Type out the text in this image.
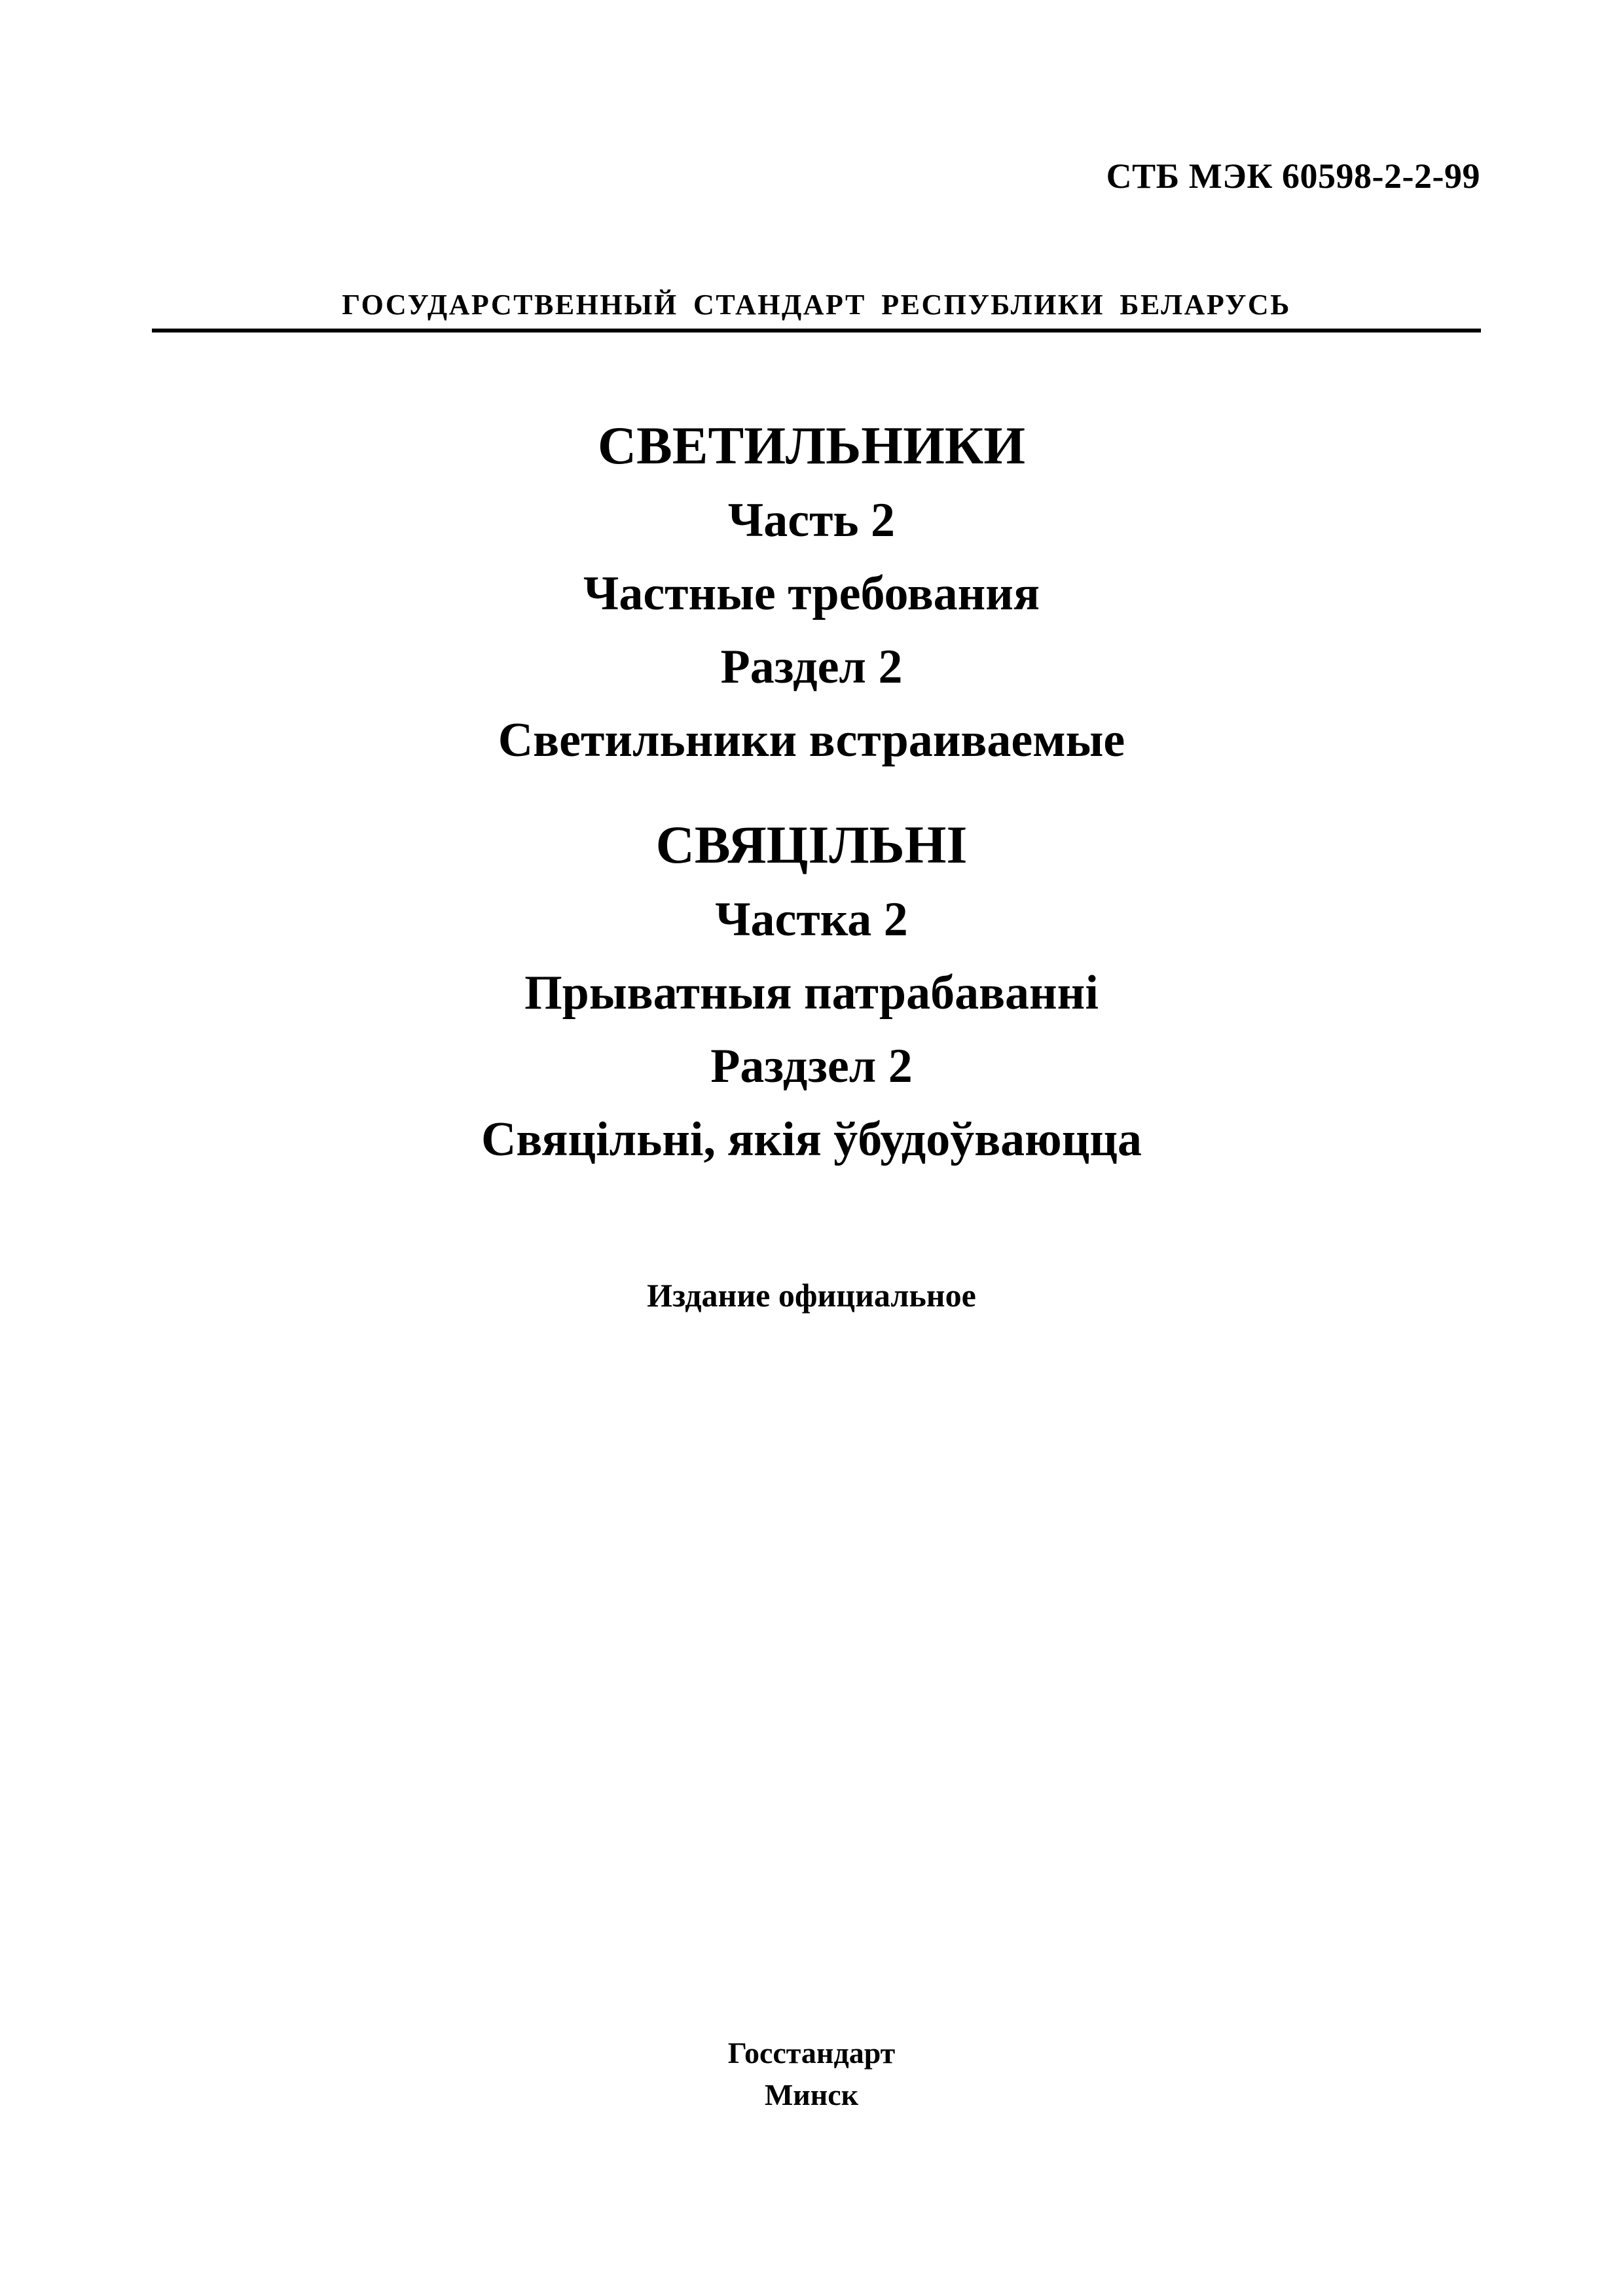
СТБ МЭК 60598-2-2-99
ГОСУДАРСТВЕННЫЙ СТАНДАРТ РЕСПУБЛИКИ БЕЛАРУСЬ
СВЕТИЛЬНИКИ
Часть 2
Частные требования
Раздел 2
Светильники встраиваемые
СВЯЦІЛЬНІ
Частка 2
Прыватныя патрабаванні
Раздзел 2
Свяцільні, якія ўбудоўваюцца
Издание официальное
Госстандарт
Минск
